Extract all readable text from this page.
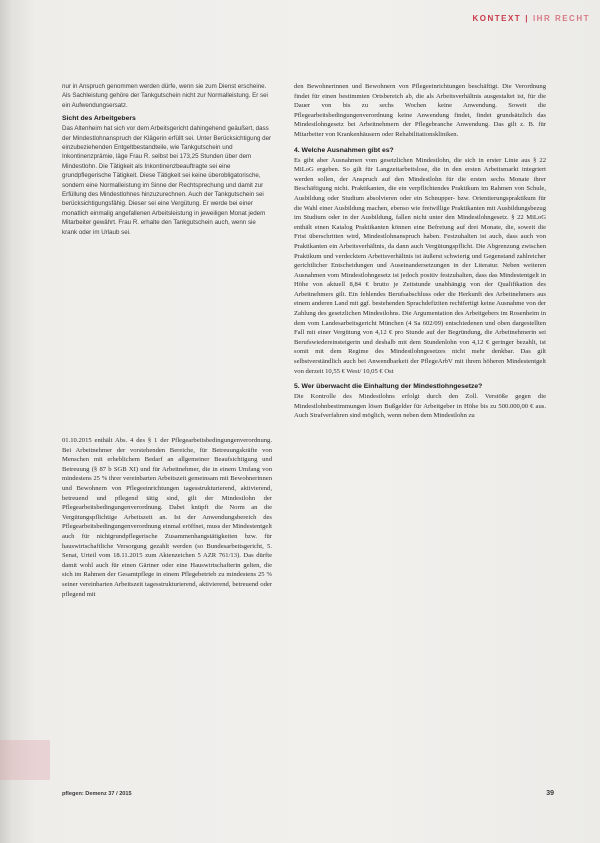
KONTEXT | IHR RECHT

nur in Anspruch genommen werden dürfe, wenn sie zum Dienst erscheine. Als Sachleistung gehöre der Tankgutschein nicht zur Normalleistung. Er sei ein Aufwendungsersatz.

Sicht des Arbeitgebers

Das Altenheim hat sich vor dem Arbeitsgericht dahingehend geäußert, dass der Mindestlohnanspruch der Klägerin erfüllt sei. Unter Berücksichtigung der einzubeziehenden Entgeltbestandteile, wie Tankgutschein und Inkontinenzprämie, läge Frau R. selbst bei 173,25 Stunden über dem Mindestlohn. Die Tätigkeit als Inkontinenzbeauftragte sei eine grundpflegerische Tätigkeit. Diese Tätigkeit sei keine überobligatorische, sondern eine Normalleistung im Sinne der Rechtsprechung und damit zur Erfüllung des Mindestlohnes hinzuzurechnen. Auch der Tankgutschein sei berücksichtigungsfähig. Dieser sei eine Vergütung. Er werde bei einer monatlich einmalig angefallenen Arbeitsleistung in jeweiligen Monat jedem Mitarbeiter gewährt. Frau R. erhalte den Tankgutschein auch, wenn sie krank oder im Urlaub sei.

01.10.2015 enthält Abs. 4 des § 1 der Pflegearbeitsbedingungenverordnung. Bei Arbeitnehmer der vorstehenden Bereiche, für Betreuungskräfte von Menschen mit erheblichem Bedarf an allgemeiner Beaufsichtigung und Betreuung (§ 87 b SGB XI) und für Arbeitnehmer, die in einem Umfang von mindestens 25 % ihrer vereinbarten Arbeitszeit gemeinsam mit Bewohnerinnen und Bewohnern von Pflegeeinrichtungen tagesstrukturierend, aktivierend, betreuend und pflegend tätig sind, gilt der Mindestlohn der Pflegearbeitsbedingungenverordnung. Dabei knüpft die Norm an die Vergütungspflichtige Arbeitszeit an. Ist der Anwendungsbereich des Pflegearbeitsbedingungenverordnung einmal eröffnet, muss der Mindestentgelt auch für nichtgrundpflegerische Zusammenhangstätigkeiten bzw. für hauswirtschaftliche Versorgung gezahlt werden (so Bundesarbeitsgericht, 5. Senat, Urteil vom 18.11.2015 zum Aktenzeichen 5 AZR 761/13). Das dürfte damit wohl auch für einen Gärtner oder eine Hauswirtschafterin gelten, die sich im Rahmen der Gesamtpflege in einem Pflegebetrieb zu mindestens 25 % seiner vereinbarten Arbeitszeit tagesstrukturierend, aktivierend, betreuend oder pflegend mit

den Bewohnerinnen und Bewohnern von Pflegeeinrichtungen beschäftigt. Die Verordnung findet für einen bestimmten Ortsbereich ab, die als Arbeitsverhältnis ausgestaltet ist, für die Dauer von bis zu sechs Wochen keine Anwendung. Soweit die Pflegearbeitsbedingungenverordnung keine Anwendung findet, findet grundsätzlich das Mindestlohngesetz bei Arbeitnehmern der Pflegebranche Anwendung. Das gilt z. B. für Mitarbeiter von Krankenhäusern oder Rehabilitationskliniken.

4. Welche Ausnahmen gibt es?

Es gibt aber Ausnahmen vom gesetzlichen Mindestlohn, die sich in erster Linie aus § 22 MiLoG ergeben. So gilt für Langzeitarbeitslose, die in den ersten Arbeitsmarkt integriert werden sollen, der Anspruch auf den Mindestlohn für die ersten sechs Monate ihrer Beschäftigung nicht. Praktikanten, die ein verpflichtendes Praktikum im Rahmen von Schule, Ausbildung oder Studium absolvieren oder ein Schnupper- bzw. Orientierungspraktikum für die Wahl einer Ausbildung machen, ebenso wie freiwillige Praktikanten mit Ausbildungsbezug im Studium oder in der Ausbildung, fallen nicht unter den Mindestlohngesetz. § 22 MiLoG enthält einen Katalog Praktikanten können eine Befreiung auf drei Monate, die, soweit die Frist überschritten wird, Mindestlohnanspruch haben. Festzuhalten ist auch, dass auch von Praktikanten ein Arbeitsverhältnis, da dann auch Vergütungspflicht. Die Abgrenzung zwischen Praktikum und verdecktem Arbeitsverhältnis ist äußerst schwierig und Gegenstand zahlreicher gerichtlicher Entscheidungen und Auseinandersetzungen in der Literatur. Neben weiteren Ausnahmen vom Mindestlohngesetz ist jedoch positiv festzuhalten, dass das Mindestentgelt in Höhe von aktuell 8,84 € brutto je Zeitstunde unabhängig von der Qualifikation des Arbeitnehmers gilt. Ein fehlendes Berufsabschluss oder die Herkunft des Arbeitnehmers aus einem anderen Land mit ggf. bestehenden Sprachdefiziten rechtfertigt keine Ausnahme von der Zahlung des gesetzlichen Mindestlohns. Die Argumentation des Arbeitgebers im Rosenheim in dem vom Landesarbeitsgericht München (4 Sa 602/09) entschiedenen und oben dargestellten Fall mit einer Vergütung von 4,12 € pro Stunde auf der Begründung, die Arbeitnehmerin sei Berufswiedereinsteigerin und deshalb mit dem Stundenlohn von 4,12 € geringer bezahlt, ist somit mit dem Regime des Mindestlohngesetzes nicht mehr denkbar. Das gilt selbstverständlich auch bei Anwendbarkeit der PflegeArbV mit ihrem höheren Mindestentgelt von derzeit 10,55 € West/ 10,05 € Ost

5. Wer überwacht die Einhaltung der Mindestlohngesetze?

Die Kontrolle des Mindestlohns erfolgt durch den Zoll. Verstöße gegen die Mindestlohnbestimmungen lösen Bußgelder für Arbeitgeber in Höhe bis zu 500.000,00 € aus. Auch Strafverfahren sind möglich, wenn neben dem Mindestlohn zu

pflegen: Demenz 37 / 2015	39
